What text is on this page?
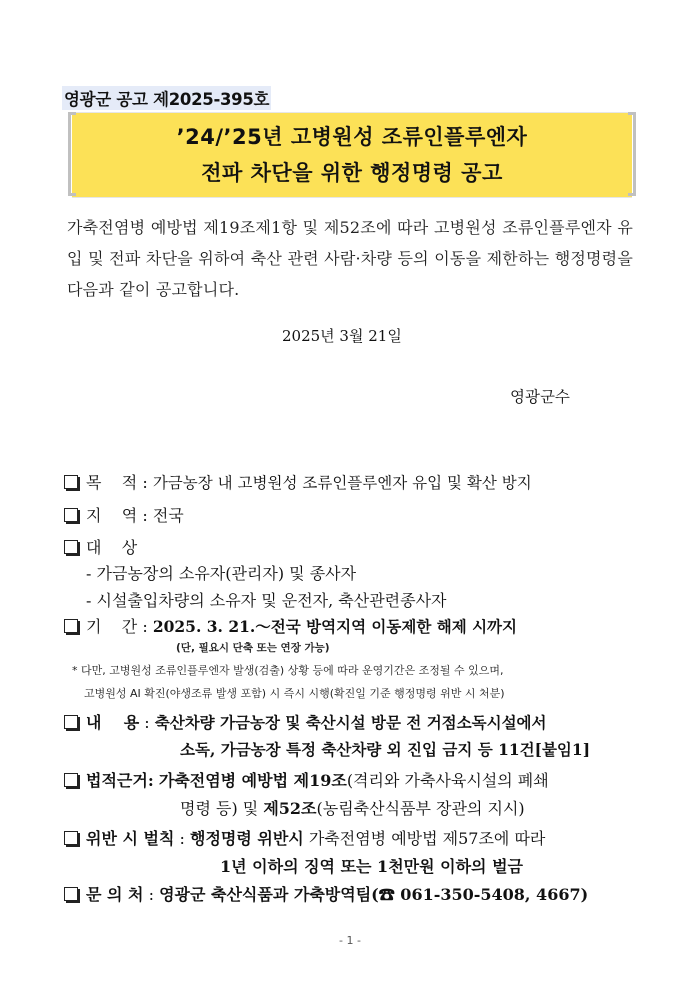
영광군 공고 제2025-395호
’24/’25년 고병원성 조류인플루엔자
전파 차단을 위한 행정명령 공고
가축전염병 예방법 제19조제1항 및 제52조에 따라 고병원성 조류인플루엔자 유입 및 전파 차단을 위하여 축산 관련 사람·차량 등의 이동을 제한하는 행정명령을 다음과 같이 공고합니다.
2025년 3월 21일
영광군수
목    적 : 가금농장 내 고병원성 조류인플루엔자 유입 및 확산 방지
지    역 : 전국
대    상
- 가금농장의 소유자(관리자) 및 종사자
- 시설출입차량의 소유자 및 운전자, 축산관련종사자
기    간 : 2025. 3. 21.～전국 방역지역 이동제한 해제 시까지
(단, 필요시 단축 또는 연장 가능)
* 다만, 고병원성 조류인플루엔자 발생(검출) 상황 등에 따라 운영기간은 조정될 수 있으며,
고병원성 AI 확진(야생조류 발생 포함) 시 즉시 시행(확진일 기준 행정명령 위반 시 처분)
내    용 : 축산차량 가금농장 및 축산시설 방문 전 거점소독시설에서
소독, 가금농장 특정 축산차량 외 진입 금지 등 11건[붙임1]
법적근거: 가축전염병 예방법 제19조(격리와 가축사육시설의 폐쇄
명령 등) 및 제52조(농림축산식품부 장관의 지시)
위반 시 벌칙 : 행정명령 위반시 가축전염병 예방법 제57조에 따라
1년 이하의 징역 또는 1천만원 이하의 벌금
문 의 처 : 영광군 축산식품과 가축방역팀(☎ 061-350-5408, 4667)
- 1 -
